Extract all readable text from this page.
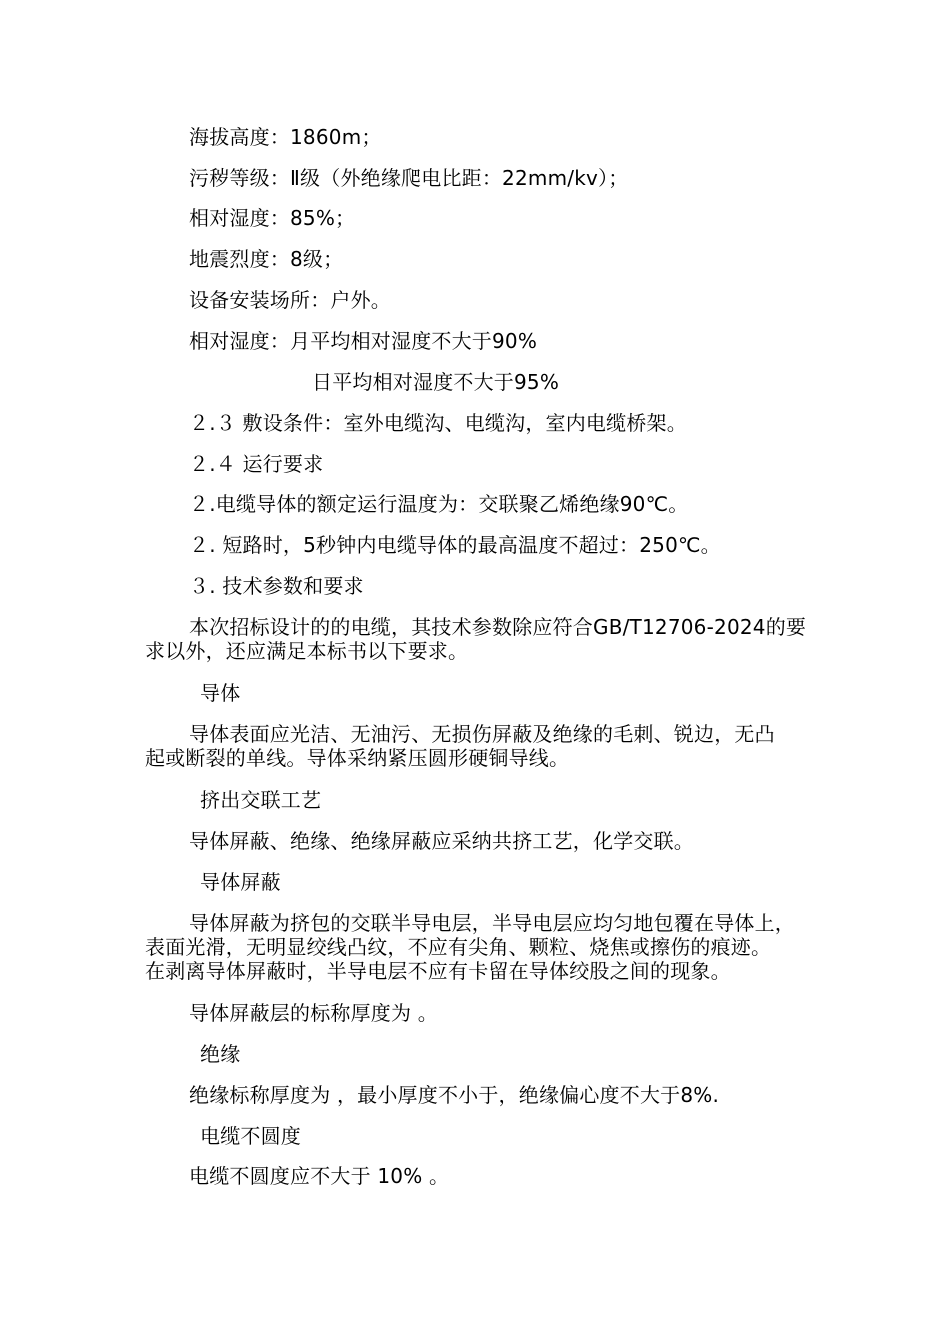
海拔高度：1860m；

污秽等级：Ⅱ级（外绝缘爬电比距：22mm/kv）；

相对湿度：85%；

地震烈度：8级；

设备安装场所：户外。

相对湿度：月平均相对湿度不大于90%

日平均相对湿度不大于95%

２.３ 敷设条件：室外电缆沟、电缆沟，室内电缆桥架。

２.４ 运行要求

２.电缆导体的额定运行温度为：交联聚乙烯绝缘90℃。

２. 短路时，5秒钟内电缆导体的最高温度不超过：250℃。

３. 技术参数和要求

本次招标设计的的电缆，其技术参数除应符合GB/T12706-2024的要
求以外，还应满足本标书以下要求。

导体

导体表面应光洁、无油污、无损伤屏蔽及绝缘的毛刺、锐边，无凸
起或断裂的单线。导体采纳紧压圆形硬铜导线。

挤出交联工艺

导体屏蔽、绝缘、绝缘屏蔽应采纳共挤工艺，化学交联。

导体屏蔽

导体屏蔽为挤包的交联半导电层，半导电层应均匀地包覆在导体上，
表面光滑，无明显绞线凸纹，不应有尖角、颗粒、烧焦或擦伤的痕迹。
在剥离导体屏蔽时，半导电层不应有卡留在导体绞股之间的现象。

导体屏蔽层的标称厚度为 。

绝缘

绝缘标称厚度为 ，最小厚度不小于，绝缘偏心度不大于8%.

电缆不圆度

电缆不圆度应不大于 10% 。
